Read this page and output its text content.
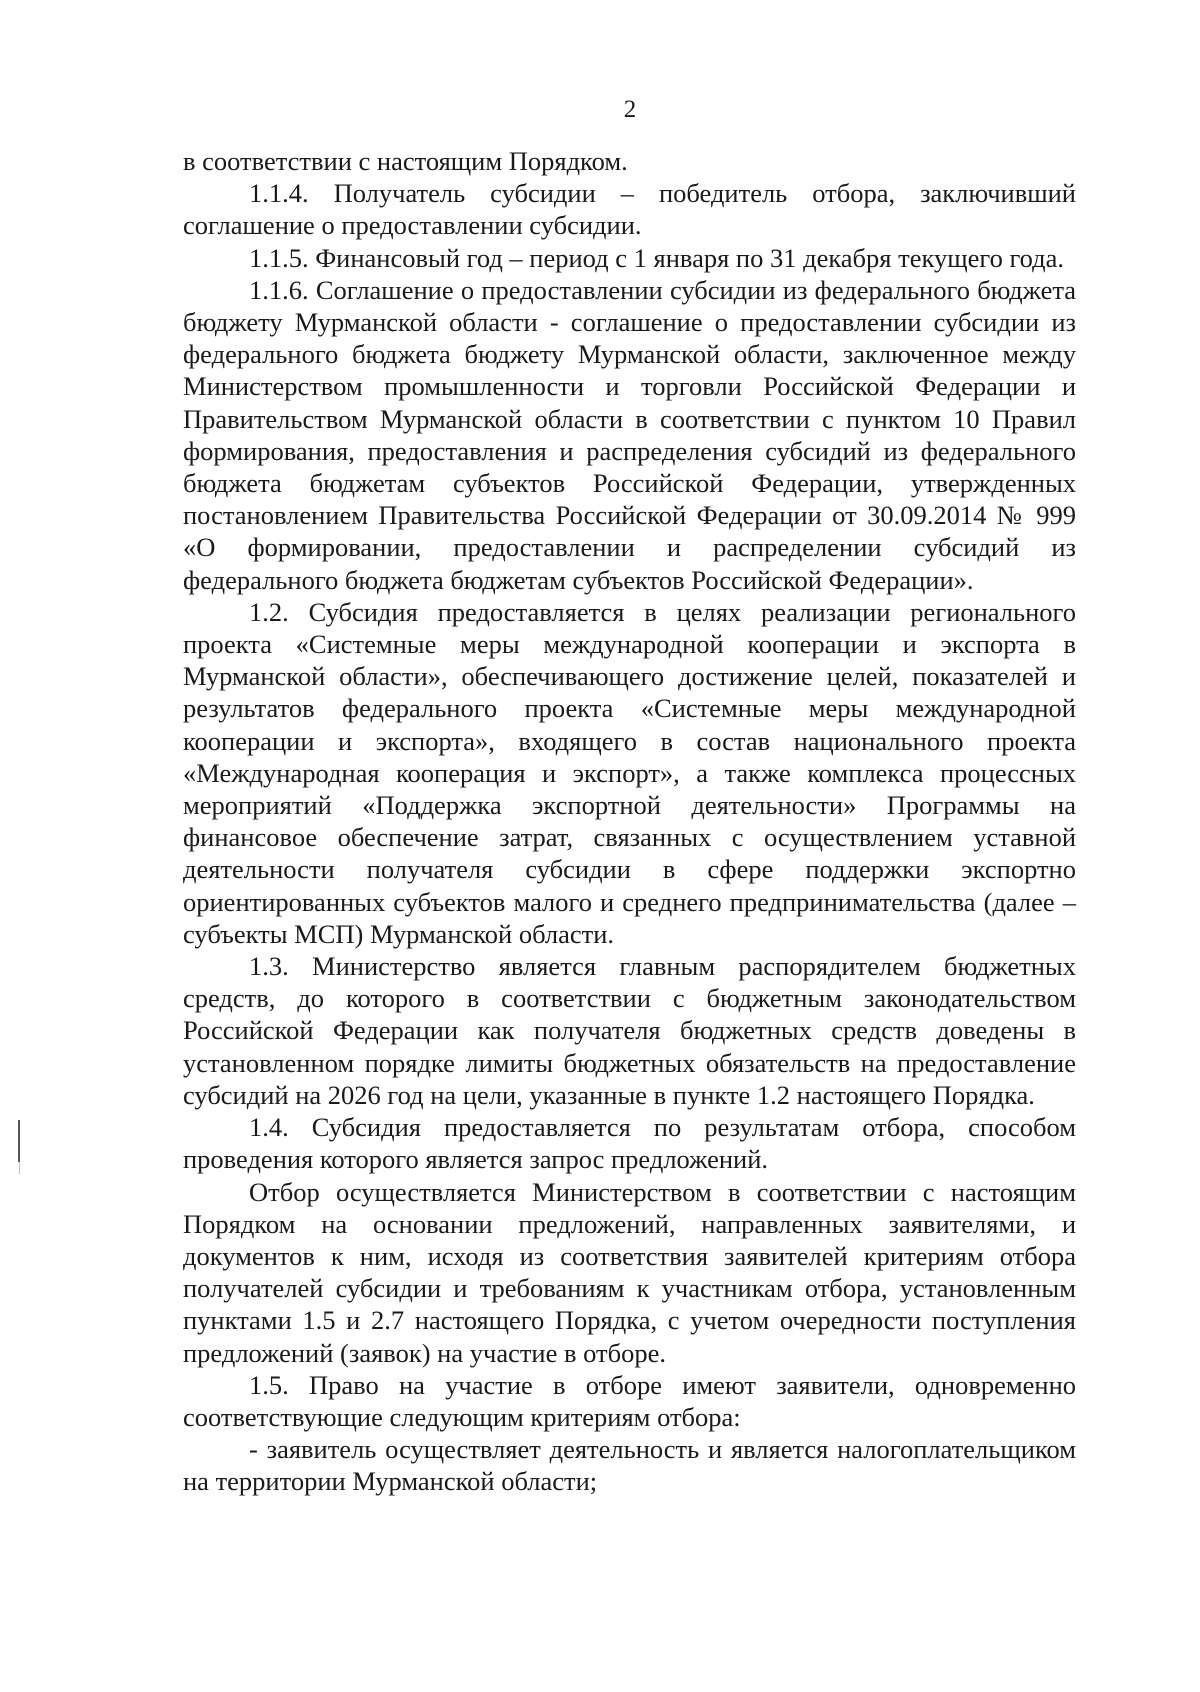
2

в соответствии с настоящим Порядком.

1.1.4. Получатель субсидии – победитель отбора, заключивший соглашение о предоставлении субсидии.

1.1.5. Финансовый год – период с 1 января по 31 декабря текущего года.

1.1.6. Соглашение о предоставлении субсидии из федерального бюджета бюджету Мурманской области - соглашение о предоставлении субсидии из федерального бюджета бюджету Мурманской области, заключенное между Министерством промышленности и торговли Российской Федерации и Правительством Мурманской области в соответствии с пунктом 10 Правил формирования, предоставления и распределения субсидий из федерального бюджета бюджетам субъектов Российской Федерации, утвержденных постановлением Правительства Российской Федерации от 30.09.2014 № 999 «О формировании, предоставлении и распределении субсидий из федерального бюджета бюджетам субъектов Российской Федерации».

1.2. Субсидия предоставляется в целях реализации регионального проекта «Системные меры международной кооперации и экспорта в Мурманской области», обеспечивающего достижение целей, показателей и результатов федерального проекта «Системные меры международной кооперации и экспорта», входящего в состав национального проекта «Международная кооперация и экспорт», а также комплекса процессных мероприятий «Поддержка экспортной деятельности» Программы на финансовое обеспечение затрат, связанных с осуществлением уставной деятельности получателя субсидии в сфере поддержки экспортно ориентированных субъектов малого и среднего предпринимательства (далее – субъекты МСП) Мурманской области.

1.3. Министерство является главным распорядителем бюджетных средств, до которого в соответствии с бюджетным законодательством Российской Федерации как получателя бюджетных средств доведены в установленном порядке лимиты бюджетных обязательств на предоставление субсидий на 2026 год на цели, указанные в пункте 1.2 настоящего Порядка.

1.4. Субсидия предоставляется по результатам отбора, способом проведения которого является запрос предложений.

Отбор осуществляется Министерством в соответствии с настоящим Порядком на основании предложений, направленных заявителями, и документов к ним, исходя из соответствия заявителей критериям отбора получателей субсидии и требованиям к участникам отбора, установленным пунктами 1.5 и 2.7 настоящего Порядка, с учетом очередности поступления предложений (заявок) на участие в отборе.

1.5. Право на участие в отборе имеют заявители, одновременно соответствующие следующим критериям отбора:

- заявитель осуществляет деятельность и является налогоплательщиком на территории Мурманской области;
